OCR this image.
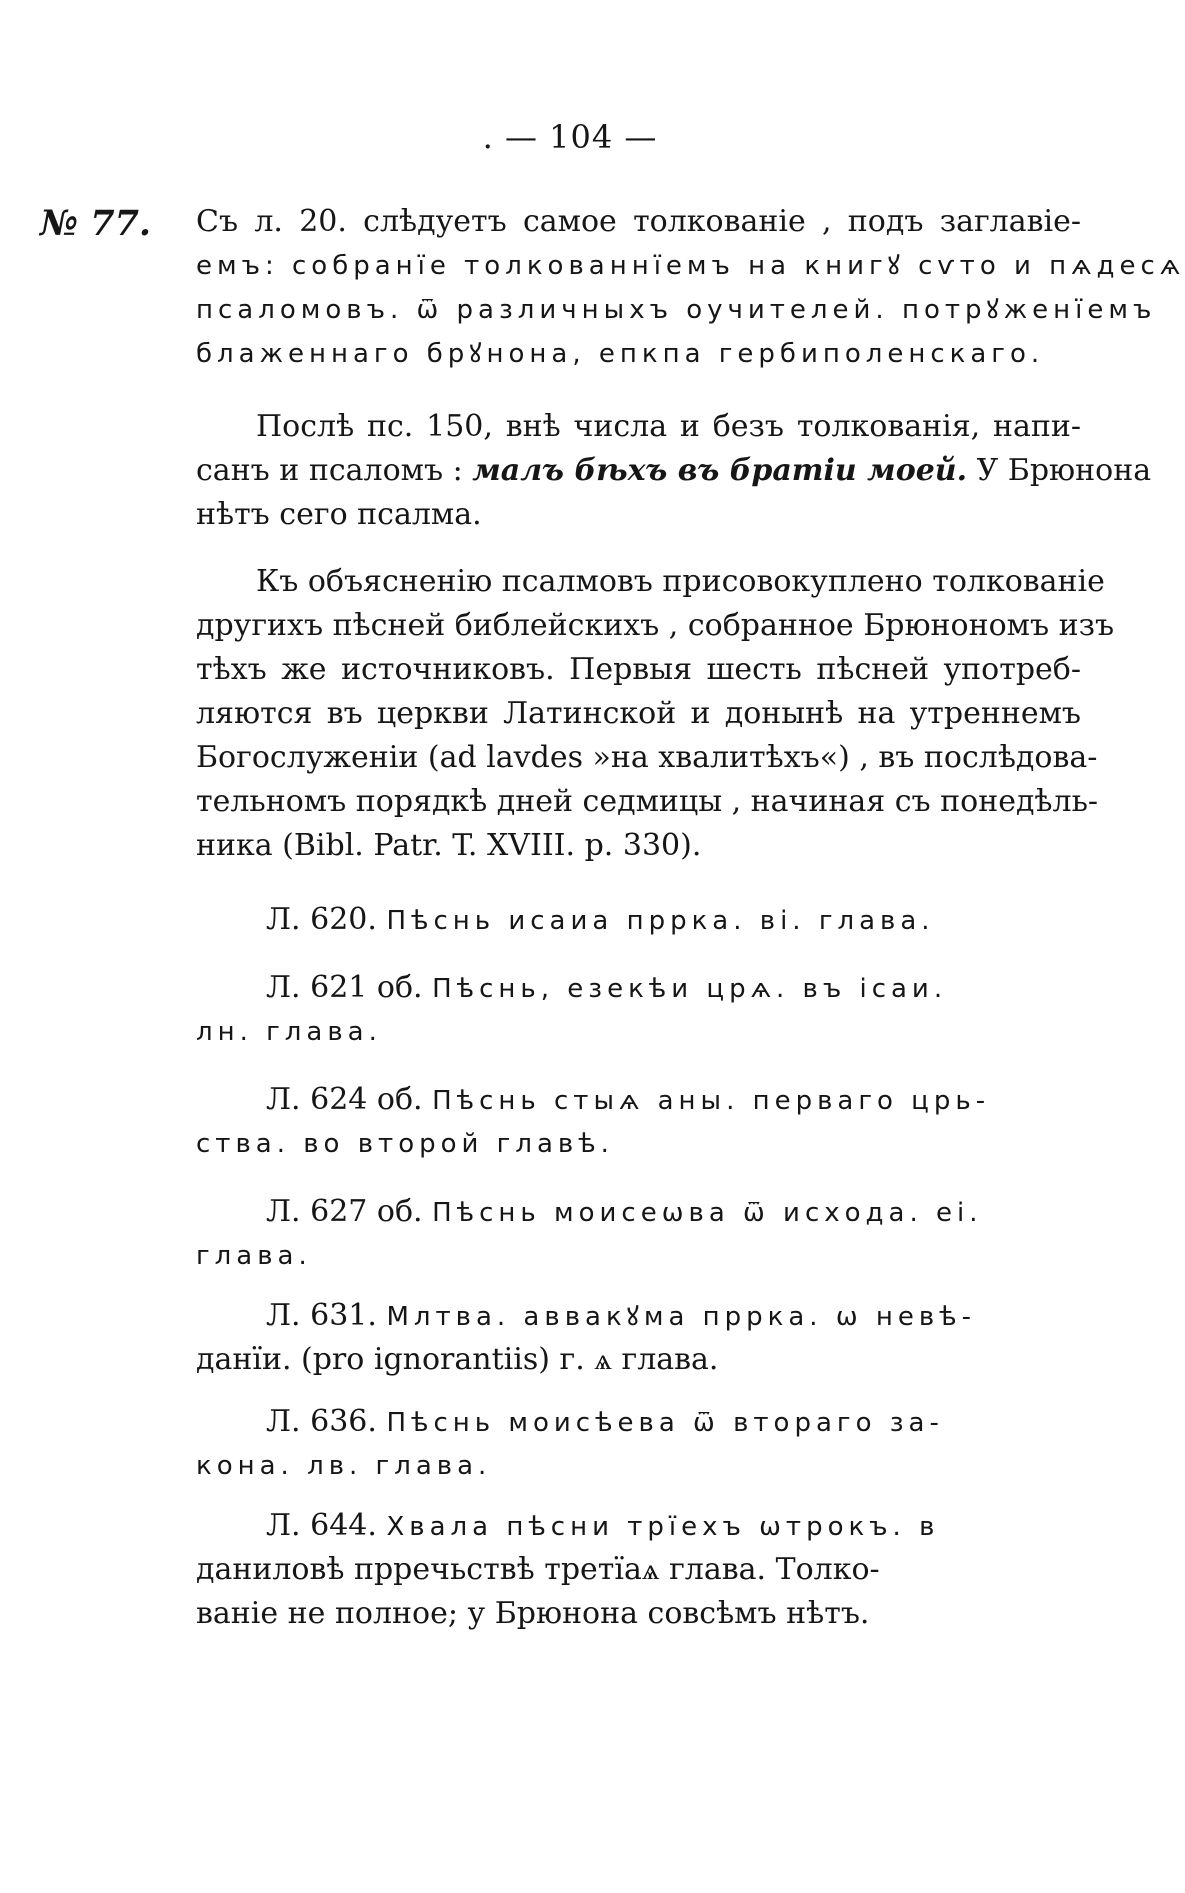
. — 104 —
№ 77. Съ л. 20. слѣдуетъ самое толкованіе , подъ заглавіе-
емъ: собранїе толкованнїемъ на книгꙋ сѵто и пѧдесѧ
псаломовъ. ѿ различныхъ оучителей. потрꙋженїемъ
блаженнаго брꙋнона, епкпа гербиполенскаго.
Послѣ пс. 150, внѣ числа и безъ толкованія, напи-
санъ и псаломъ : малъ бѣхъ въ братіи моей. У Брюнона
нѣтъ сего псалма.
Къ объясненію псалмовъ присовокуплено толкованіе
другихъ пѣсней библейскихъ , собранное Брюнономъ изъ
тѣхъ же источниковъ. Первыя шесть пѣсней употреб-
ляются въ церкви Латинской и донынѣ на утреннемъ
Богослуженіи (ad lavdes »на хвалитѣхъ«) , въ послѣдова-
тельномъ порядкѣ дней седмицы , начиная съ понедѣль-
ника (Bibl. Patr. T. XVIII. p. 330).
Л. 620. Пѣснь исаиа пррка. ві. глава.
Л. 621 об. Пѣснь, езекѣи црѧ. въ ісаи.
лн. глава.
Л. 624 об. Пѣснь стыѧ аны. перваго црь-
ства. во второй главѣ.
Л. 627 об. Пѣснь моисеѡва ѿ исхода. еі.
глава.
Л. 631. Млтва. аввакꙋма пррка. ѡ невѣ-
данїи. (pro ignorantiis) г. ѧ глава.
Л. 636. Пѣснь моисѣева ѿ втораго за-
кона. лв. глава.
Л. 644. Хвала пѣсни трїехъ ѡтрокъ. в
даниловѣ прречьствѣ третїаѧ глава. Толко-
ваніе не полное; у Брюнона совсѣмъ нѣтъ.
